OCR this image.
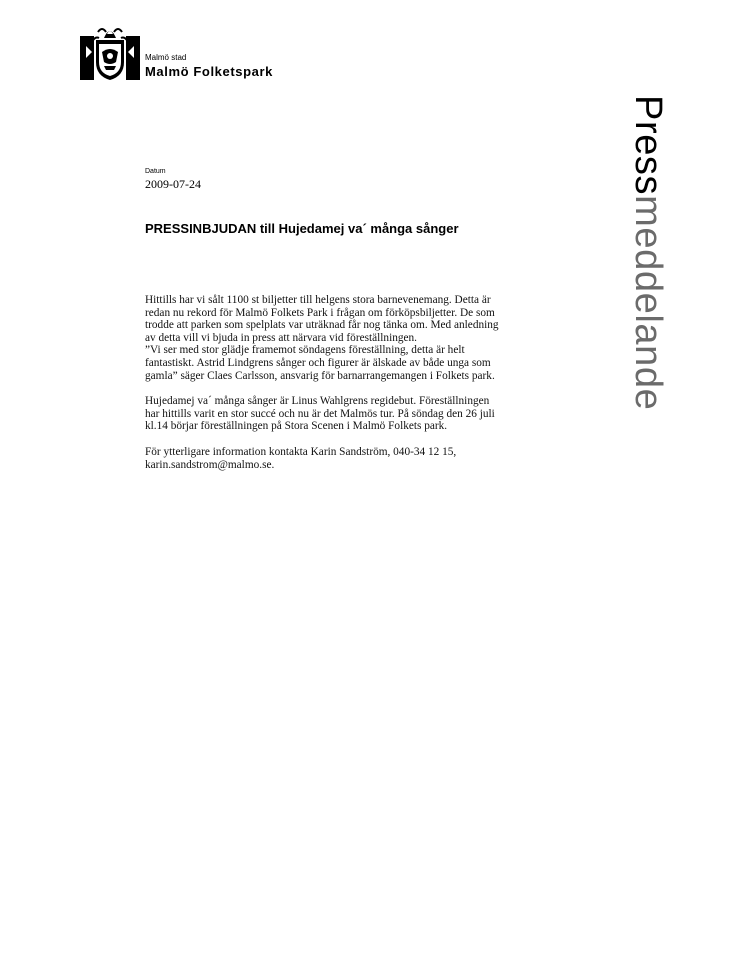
Malmö stad
Malmö Folketspark
Datum
2009-07-24
PRESSINBJUDAN till Hujedamej va´ många sånger

Hittills har vi sålt 1100 st biljetter till helgens stora barnevenemang. Detta är
redan nu rekord för Malmö Folkets Park i frågan om förköpsbiljetter. De som
trodde att parken som spelplats var uträknad får nog tänka om. Med anledning
av detta vill vi bjuda in press att närvara vid föreställningen.
”Vi ser med stor glädje framemot söndagens föreställning, detta är helt
fantastiskt. Astrid Lindgrens sånger och figurer är älskade av både unga som
gamla” säger Claes Carlsson, ansvarig för barnarrangemangen i Folkets park.

Hujedamej va´ många sånger är Linus Wahlgrens regidebut. Föreställningen
har hittills varit en stor succé och nu är det Malmös tur. På söndag den 26 juli
kl.14 börjar föreställningen på Stora Scenen i Malmö Folkets park.

För ytterligare information kontakta Karin Sandström, 040-34 12 15,
karin.sandstrom@malmo.se.

Pressmeddelande
